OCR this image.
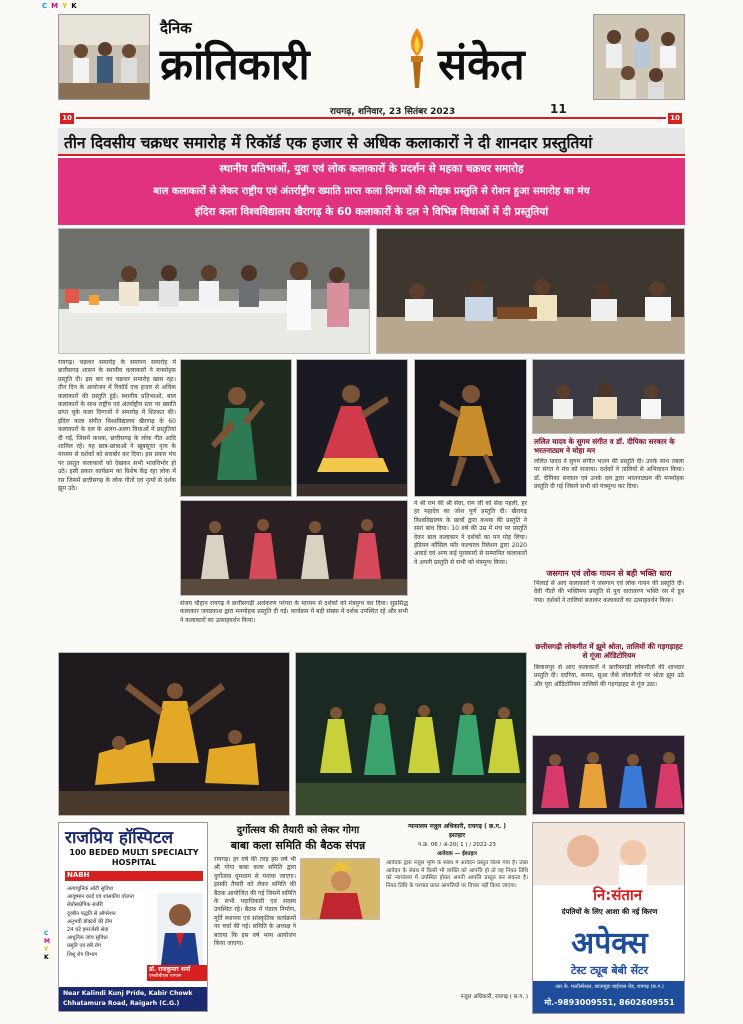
CMYK
दैनिक
क्रांतिकारी	संकेत
रायगढ़, शनिवार, 23 सितंबर 2023	11
10	10
तीन दिवसीय चक्रधर समारोह में रिकॉर्ड एक हजार से अधिक कलाकारों ने दी शानदार प्रस्तुतियां
स्थानीय प्रतिभाओं, युवा एवं लोक कलाकारों के प्रदर्शन से महका चक्रधर समारोह
बाल कलाकारों से लेकर राष्ट्रीय एवं अंतर्राष्ट्रीय ख्याति प्राप्त कला दिग्गजों की मोहक प्रस्तुति से रोशन हुआ समारोह का मंच
इंदिरा कला विश्वविद्यालय खैरागढ़ के 60 कलाकारों के दल ने विभिन्न विधाओं में दी प्रस्तुतियां
रायगढ़। चक्रधर समारोह के समापन समारोह में छत्तीसगढ़ शासन के स्थानीय कलाकारों ने मनमोहक प्रस्तुति दी। इस बार का चक्रधर समारोह खास रहा। तीन दिन के आयोजन में रिकॉर्ड एक हजार से अधिक कलाकारों की प्रस्तुति हुई। स्थानीय प्रतिभाओं, बाल कलाकारों के साथ राष्ट्रीय एवं अंतर्राष्ट्रीय स्तर पर ख्याति प्राप्त चुके कला दिग्गजों ने समारोह में शिरकत की। इंदिरा कला संगीत विश्वविद्यालय खैरागढ़ के 60 कलाकारों के दल के अलग-अलग विधाओं में प्रस्तुतियां दी गईं, जिसमें कथक, छत्तीसगढ़ के लोक गीत आदि शामिल रहे। यह छात्र-छात्राओं ने खूबसूरत नृत्य के माध्यम से दर्शकों को सराबोर कर दिया। इस प्रकार मंच पर प्रस्तुत कलाकारों को देखकर सभी भावविभोर हो उठे। इसी प्रकार कार्यक्रम का विशेष केंद्र रहा लोक में रस जिसमें छत्तीसगढ़ के लोक गीतों एवं नृत्यों से दर्शक झूम उठे।
ने श्री राम की श्री सेवा, राम जी को सेवा पहली, हर हर महादेव का जोश पूर्ण प्रस्तुति दी। खैरागढ़ विश्वविद्यालय के छात्रों द्वारा कथक की प्रस्तुति ने समां बांध दिया। 10 वर्ष की उम्र में मंच पर प्रस्तुति देकर बाल कलाकार ने दर्शकों का मन मोह लिया। इंडियन कौंसिल फॉर कल्चरल रिलेशन द्वारा 2020 अवार्ड एवं अन्य कई पुरस्कारों से सम्मानित कलाकारों ने अपनी प्रस्तुति से सभी को मंत्रमुग्ध किया।
संजय चौहान रायगढ़ ने छत्तीसगढ़ी अलंकरण परंपरा के माध्यम से दर्शकों को मंत्रमुग्ध कर दिया। सुप्रसिद्ध कलाकार जयप्रकाश द्वारा मनमोहक प्रस्तुति दी गई। कार्यक्रम में बड़ी संख्या में दर्शक उपस्थित रहे और सभी ने कलाकारों का उत्साहवर्धन किया।
ललित यादव के सुगम संगीत व डॉ. दीपिका सरकार के भरतनाट्यम ने मोहा मन
ललित यादव ने सुगम संगीत भजन की प्रस्तुति दी। उनके साथ तबला पर संगत ने मंच को सजाया। दर्शकों ने तालियों से अभिवादन किया। डॉ. दीपिका सरकार एवं उनके दल द्वारा भरतनाट्यम की मनमोहक प्रस्तुति दी गई जिसने सभी को मंत्रमुग्ध कर दिया।
जसगान एवं लोक गायन से बही भक्ति धारा
भिलाई से आए कलाकारों ने जसगान एवं लोक गायन की प्रस्तुति दी। देवी गीतों की भक्तिमय प्रस्तुति से पूरा वातावरण भक्ति रस में डूब गया। दर्शकों ने तालियां बजाकर कलाकारों का उत्साहवर्धन किया।
छत्तीसगढ़ी लोकगीत में झूमे श्रोता, तालियों की गड़गड़ाहट से गूंजा ऑडिटोरियम
बिलासपुर से आए कलाकारों ने छत्तीसगढ़ी लोकगीतों की शानदार प्रस्तुति दी। ददरिया, करमा, सुआ जैसे लोकगीतों पर श्रोता झूम उठे और पूरा ऑडिटोरियम तालियों की गड़गड़ाहट से गूंज उठा।
राजप्रिय हॉस्पिटल
100 BEDED MULTI SPECIALTY HOSPITAL
NABH
अत्याधुनिक ओटी सुविधा
आयुष्मान कार्ड एवं शासकीय योजना
लेप्रोस्कोपिक सर्जरी
दूरबीन पद्धति से ऑपरेशन
अनुभवी डॉक्टरों की टीम
24 घंटे इमरजेंसी सेवा
आधुनिक जांच सुविधा
प्रसूति एवं स्त्री रोग
शिशु रोग विभाग
डॉ. राजकुमार शर्मा
एमबीबीएस एमएस
Near Kalindi Kunj Pride, Kabir Chowk
Chhatamura Road, Raigarh (C.G.)
दुर्गोत्सव की तैयारी को लेकर गोगा
बाबा कला समिति की बैठक संपन्न
रायगढ़। हर वर्ष की तरह इस वर्ष भी श्री गोगा बाबा कला समिति द्वारा दुर्गोत्सव धूमधाम से मनाया जाएगा। इसकी तैयारी को लेकर समिति की बैठक आयोजित की गई जिसमें समिति के सभी पदाधिकारी एवं सदस्य उपस्थित रहे। बैठक में पंडाल निर्माण, मूर्ति स्थापना एवं सांस्कृतिक कार्यक्रमों पर चर्चा की गई। समिति के अध्यक्ष ने बताया कि इस वर्ष भव्य आयोजन किया जाएगा।
न्यायालय नज़ूल अधिकारी, रायगढ़ ( छ.ग. )
इश्तहार
प.क्र. 06 / अ-20( 1 ) / 2022-23
आवेदक — ईश्तहार
आवेदक द्वारा नज़ूल भूमि के संबंध में आवेदन प्रस्तुत किया गया है। उक्त आवेदन के संबंध में किसी भी व्यक्ति को आपत्ति हो तो वह नियत तिथि को न्यायालय में उपस्थित होकर अपनी आपत्ति प्रस्तुत कर सकता है। नियत तिथि के पश्चात प्राप्त आपत्तियों पर विचार नहीं किया जाएगा।
नज़ूल अधिकारी, रायगढ़ ( छ.ग. )
नि:संतान
दंपतियों के लिए आशा की नई किरण
अपेक्स
टेस्ट ट्यूब बेबी सेंटर
आर.के. मल्टीस्पेशल, छातामुड़ा बाईपास रोड, रायगढ़ (छ.ग.)
मो.-9893009551, 8602609551
C
M
Y
K
